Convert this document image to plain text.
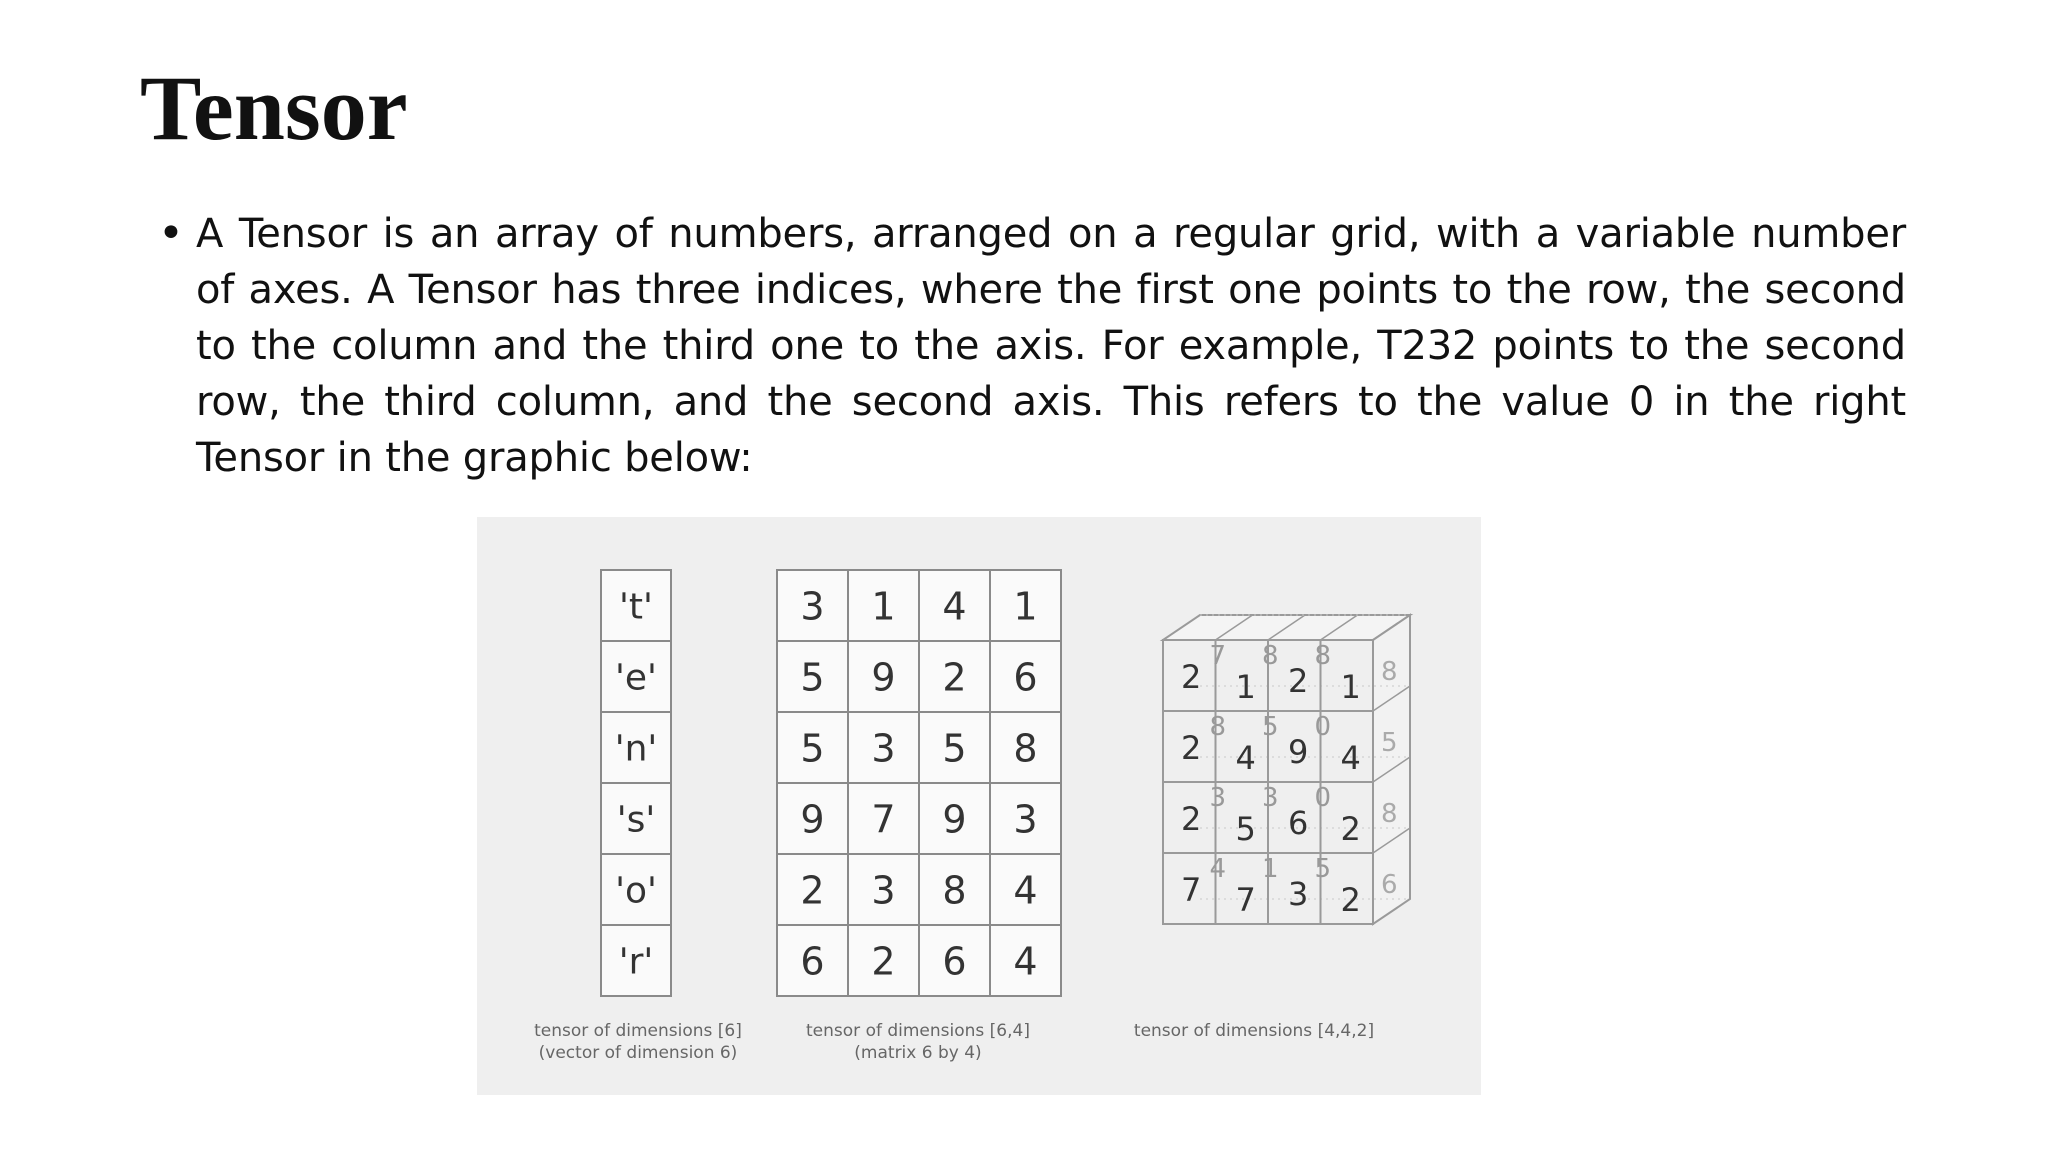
Tensor
• A Tensor is an array of numbers, arranged on a regular grid, with a variable number of axes. A Tensor has three indices, where the first one points to the row, the second to the column and the third one to the axis. For example, T232 points to the second row, the third column, and the second axis. This refers to the value 0 in the right Tensor in the graphic below:

't'
'e'
'n'
's'
'o'
'r'
3 1 4 1
5 9 2 6
5 3 5 8
9 7 9 3
2 3 8 4
6 2 6 4
7 8 8
8
8 5 0
5
3 3 0
8
4 1 5
6
2 1 2 1
2 4 9 4
2 5 6 2
7 7 3 2
tensor of dimensions [6]
(vector of dimension 6)
tensor of dimensions [6,4]
(matrix 6 by 4)
tensor of dimensions [4,4,2]
